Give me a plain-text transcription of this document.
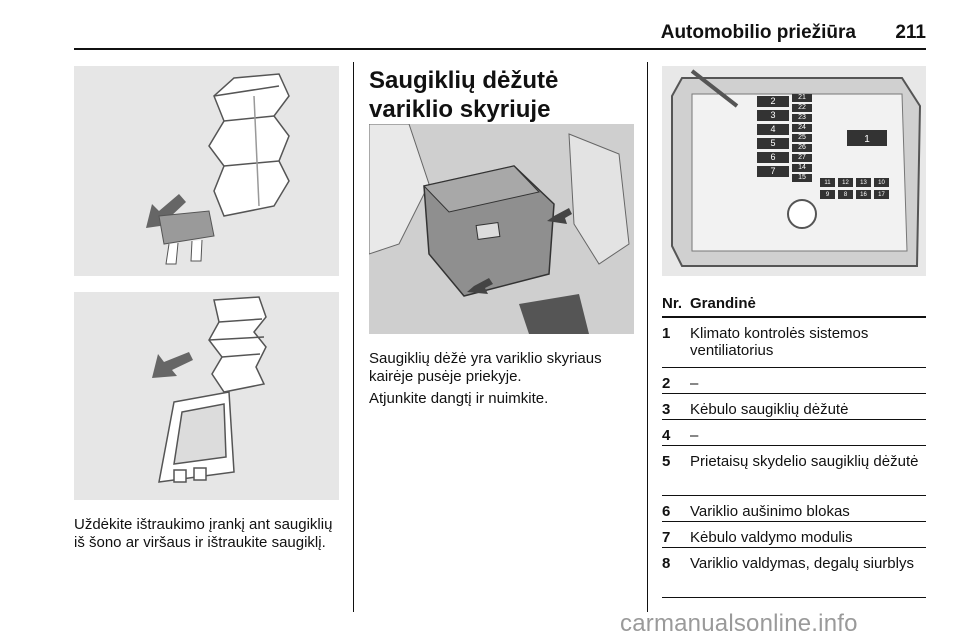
Automobilio priežiūra 211
Uždėkite ištraukimo įrankį ant saugiklių iš šono ar viršaus ir ištraukite saugiklį.
Saugiklių dėžutė variklio skyriuje
Saugiklių dėžė yra variklio skyriaus kairėje pusėje priekyje.
Atjunkite dangtį ir nuimkite.
2
3
4
5
6
7
21
22
23
24
25
26
27
14
15
11 12 13 10
9 8 16 17
1
Nr. Grandinė
1 Klimato kontrolės sistemos ventiliatorius
2 –
3 Kėbulo saugiklių dėžutė
4 –
5 Prietaisų skydelio saugiklių dėžutė
6 Variklio aušinimo blokas
7 Kėbulo valdymo modulis
8 Variklio valdymas, degalų siurblys
carmanualsonline.info
